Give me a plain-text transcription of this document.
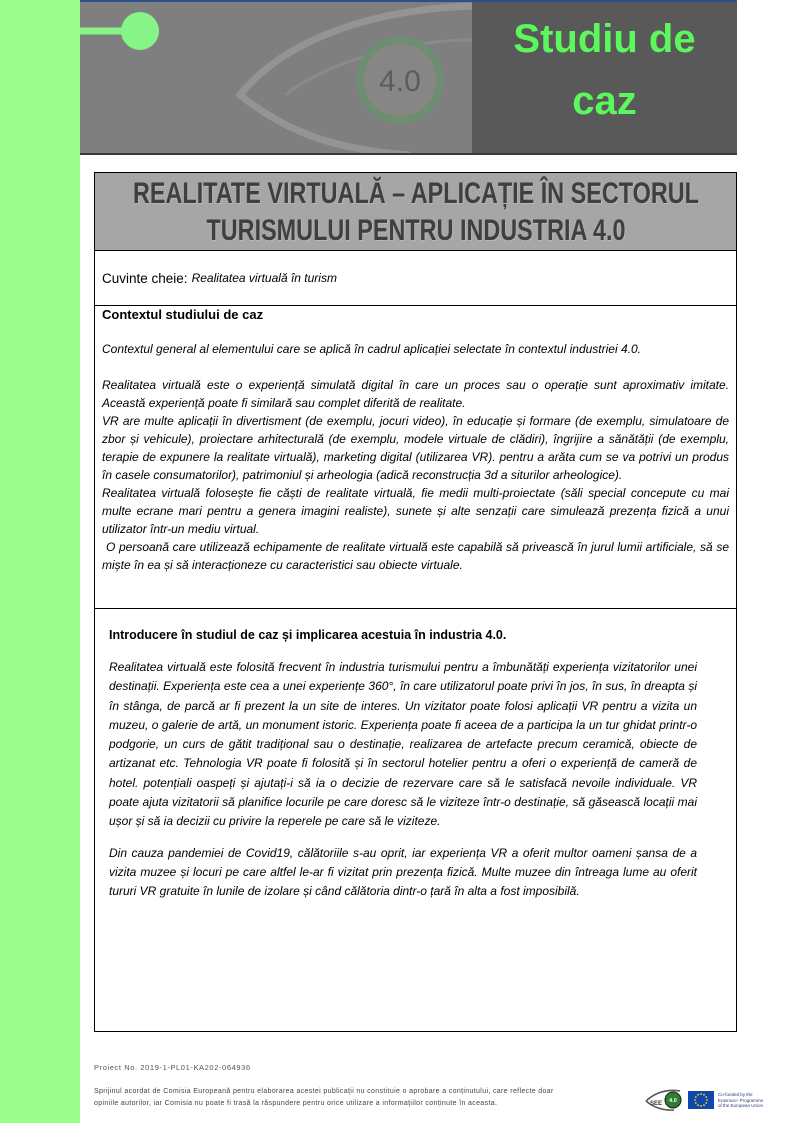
4.0
Studiu de
caz
REALITATE VIRTUALĂ – APLICAȚIE ÎN SECTORUL
TURISMULUI PENTRU INDUSTRIA 4.0
Cuvinte cheie: Realitatea virtuală în turism
Contextul studiului de caz

Contextul general al elementului care se aplică în cadrul aplicației selectate în contextul industriei 4.0.

Realitatea virtuală este o experiență simulată digital în care un proces sau o operație sunt aproximativ imitate. Această experiență poate fi similară sau complet diferită de realitate.

VR are multe aplicații în divertisment (de exemplu, jocuri video), în educație și formare (de exemplu, simulatoare de zbor și vehicule), proiectare arhitecturală (de exemplu, modele virtuale de clădiri), îngrijire a sănătății (de exemplu, terapie de expunere la realitate virtuală), marketing digital (utilizarea VR). pentru a arăta cum se va potrivi un produs în casele consumatorilor), patrimoniul și arheologia (adică reconstrucția 3d a siturilor arheologice).

Realitatea virtuală folosește fie căști de realitate virtuală, fie medii multi-proiectate (săli special concepute cu mai multe ecrane mari pentru a genera imagini realiste), sunete și alte senzații care simulează prezența fizică a unui utilizator într-un mediu virtual.

O persoană care utilizează echipamente de realitate virtuală este capabilă să privească în jurul lumii artificiale, să se miște în ea și să interacționeze cu caracteristici sau obiecte virtuale.

Introducere în studiul de caz și implicarea acestuia în industria 4.0.

Realitatea virtuală este folosită frecvent în industria turismului pentru a îmbunătăți experiența vizitatorilor unei destinații. Experiența este cea a unei experiențe 360°, în care utilizatorul poate privi în jos, în sus, în dreapta și în stânga, de parcă ar fi prezent la un site de interes. Un vizitator poate folosi aplicații VR pentru a vizita un muzeu, o galerie de artă, un monument istoric. Experiența poate fi aceea de a participa la un tur ghidat printr-o podgorie, un curs de gătit tradițional sau o destinație, realizarea de artefacte precum ceramică, obiecte de artizanat etc. Tehnologia VR poate fi folosită și în sectorul hotelier pentru a oferi o experiență de cameră de hotel. potențiali oaspeți și ajutați-i să ia o decizie de rezervare care să le satisfacă nevoile individuale. VR poate ajuta vizitatorii să planifice locurile pe care doresc să le viziteze într-o destinație, să găsească locații mai ușor și să ia decizii cu privire la reperele pe care să le viziteze.

Din cauza pandemiei de Covid19, călătoriile s-au oprit, iar experiența VR a oferit multor oameni șansa de a vizita muzee și locuri pe care altfel le-ar fi vizitat prin prezența fizică. Multe muzee din întreaga lume au oferit tururi VR gratuite în lunile de izolare și când călătoria dintr-o țară în alta a fost imposibilă.

Proiect No. 2019-1-PL01-KA202-064936
Sprijinul acordat de Comisia Europeană pentru elaborarea acestei publicații nu constituie o aprobare a conținutului, care reflecte doar opiniile autorilor, iar Comisia nu poate fi trasă la răspundere pentru orice utilizare a informațiilor conținute în aceasta.	SEE 4.0
Co-funded by the
Erasmus+ Programme
of the European Union
